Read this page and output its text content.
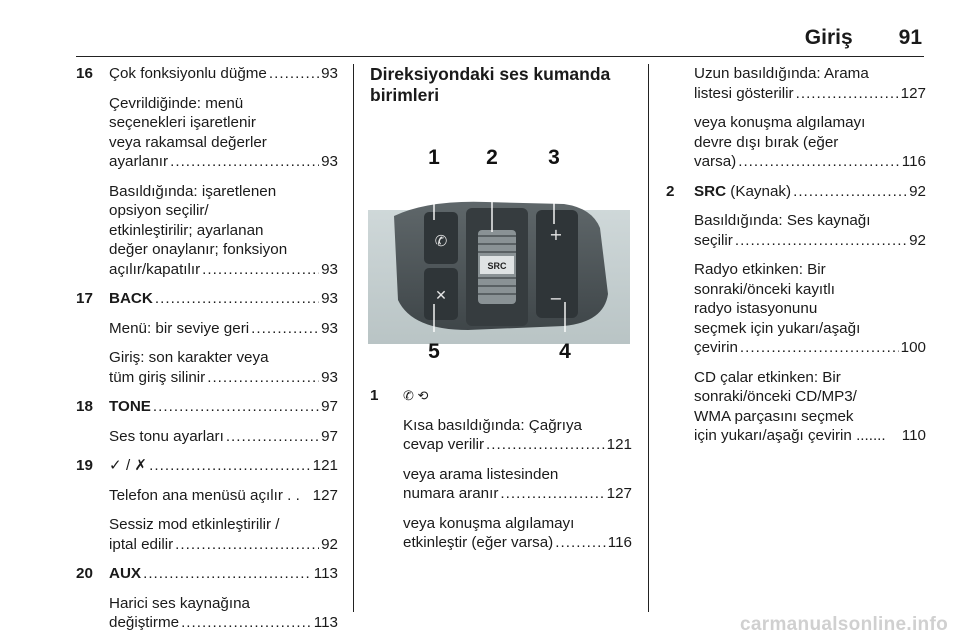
Giriş 91
16	Çok fonksiyonlu düğme . . .	93
Çevrildiğinde: menü
seçenekleri işaretlenir
veya rakamsal değerler
ayarlanır . . .	93
Basıldığında: işaretlenen
opsiyon seçilir/
etkinleştirilir; ayarlanan
değer onaylanır; fonksiyon
açılır/kapatılır . . .	93
17	BACK . . .	93
Menü: bir seviye geri . . .	93
Giriş: son karakter veya
tüm giriş silinir . . .	93
18	TONE . . .	97
Ses tonu ayarları . . .	97
19	✓ / ✗ . . .	121
Telefon ana menüsü açılır . . 127
Sessiz mod etkinleştirilir /
iptal edilir . . .	92
20	AUX . . .	113
Harici ses kaynağına
değiştirme . . .	113
Direksiyondaki ses kumanda birimleri
SRC
+
−
✆
✕
1 2 3
4
5
1	✆ ⟲
Kısa basıldığında: Çağrıya
cevap verilir . . .	121
veya arama listesinden
numara aranır . . .	127
veya konuşma algılamayı
etkinleştir (eğer varsa) . . .	116
Uzun basıldığında: Arama
listesi gösterilir . . .	127
veya konuşma algılamayı
devre dışı bırak (eğer
varsa) . . .	116
2	SRC (Kaynak) . . .	92
Basıldığında: Ses kaynağı
seçilir . . .	92
Radyo etkinken: Bir
sonraki/önceki kayıtlı
radyo istasyonunu
seçmek için yukarı/aşağı
çevirin . . .	100
CD çalar etkinken: Bir
sonraki/önceki CD/MP3/
WMA parçasını seçmek
için yukarı/aşağı çevirin .......	110
carmanualsonline.info
